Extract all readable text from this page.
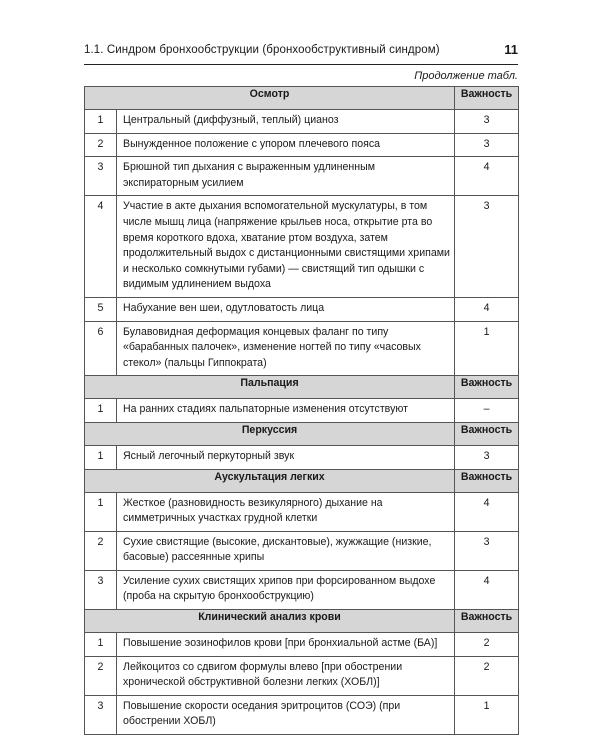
1.1. Синдром бронхообструкции (бронхообструктивный синдром)	11
Продолжение табл.
Осмотр		Важность
1	Центральный (диффузный, теплый) цианоз	3
2	Вынужденное положение с упором плечевого пояса	3
3	Брюшной тип дыхания с выраженным удлиненным экспираторным усилием	4
4	Участие в акте дыхания вспомогательной мускулатуры, в том числе мышц лица (напряжение крыльев носа, открытие рта во время короткого вдоха, хватание ртом воздуха, затем продолжительный выдох с дистанционными свистящими хрипами и несколько сомкнутыми губами) — свистящий тип одышки с видимым удлинением выдоха	3
5	Набухание вен шеи, одутловатость лица	4
6	Булавовидная деформация концевых фаланг по типу «барабанных палочек», изменение ногтей по типу «часовых стекол» (пальцы Гиппократа)	1
Пальпация		Важность
1	На ранних стадиях пальпаторные изменения отсутствуют	–
Перкуссия		Важность
1	Ясный легочный перкуторный звук	3
Аускультация легких		Важность
1	Жесткое (разновидность везикулярного) дыхание на симметричных участках грудной клетки	4
2	Сухие свистящие (высокие, дискантовые), жужжащие (низкие, басовые) рассеянные хрипы	3
3	Усиление сухих свистящих хрипов при форсированном выдохе (проба на скрытую бронхообструкцию)	4
Клинический анализ крови		Важность
1	Повышение эозинофилов крови [при бронхиальной астме (БА)]	2
2	Лейкоцитоз со сдвигом формулы влево [при обострении хронической обструктивной болезни легких (ХОБЛ)]	2
3	Повышение скорости оседания эритроцитов (СОЭ) (при обострении ХОБЛ)	1
